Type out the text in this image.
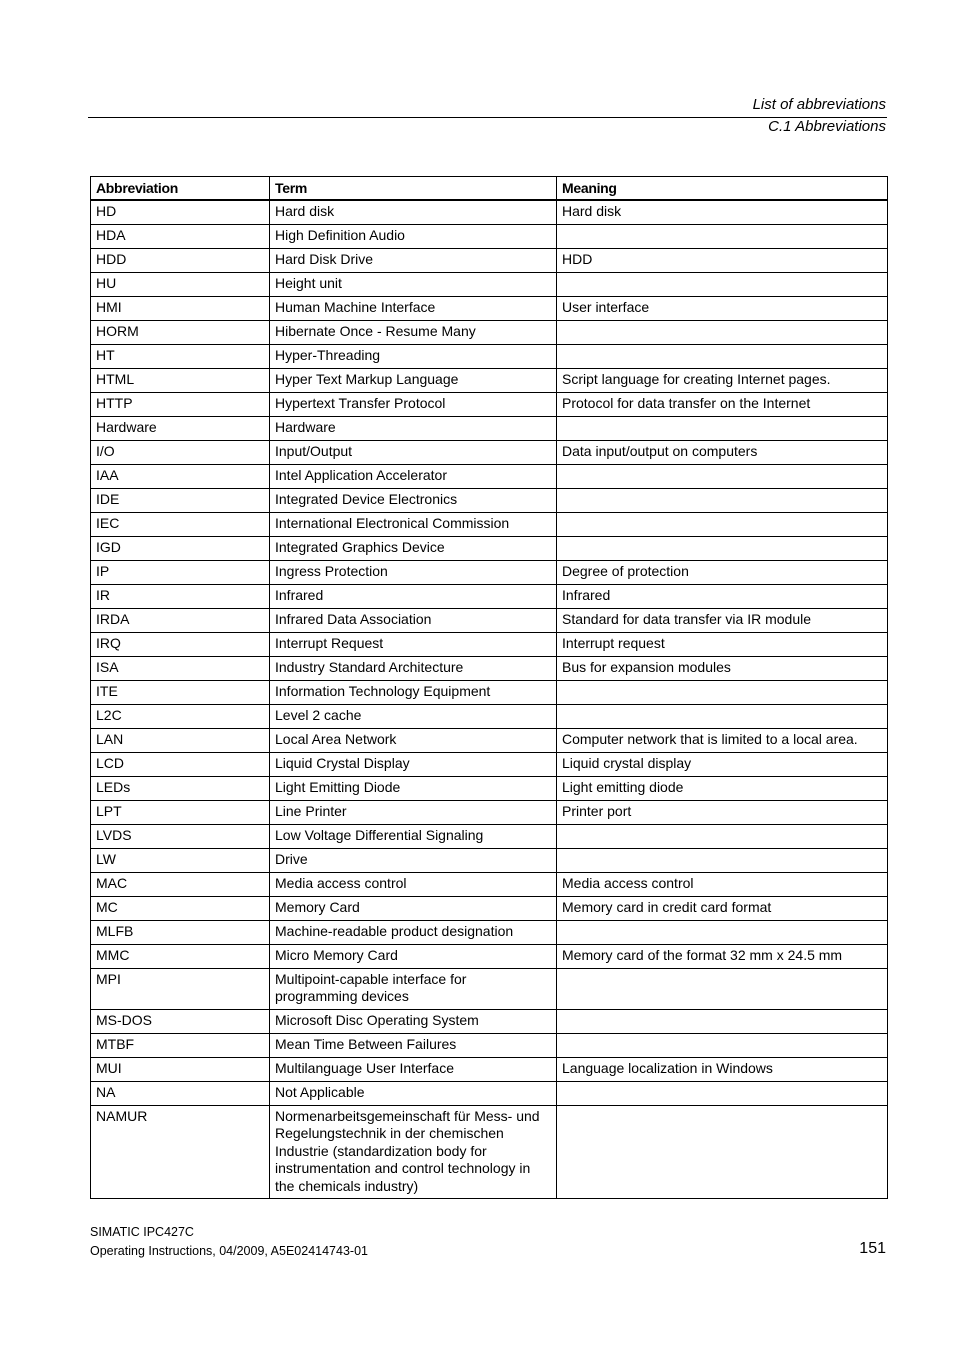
List of abbreviations
C.1 Abbreviations
Abbreviation	Term	Meaning
HD	Hard disk	Hard disk
HDA	High Definition Audio	
HDD	Hard Disk Drive	HDD
HU	Height unit	
HMI	Human Machine Interface	User interface
HORM	Hibernate Once - Resume Many	
HT	Hyper-Threading	
HTML	Hyper Text Markup Language	Script language for creating Internet pages.
HTTP	Hypertext Transfer Protocol	Protocol for data transfer on the Internet
Hardware	Hardware	
I/O	Input/Output	Data input/output on computers
IAA	Intel Application Accelerator	
IDE	Integrated Device Electronics	
IEC	International Electronical Commission	
IGD	Integrated Graphics Device	
IP	Ingress Protection	Degree of protection
IR	Infrared	Infrared
IRDA	Infrared Data Association	Standard for data transfer via IR module
IRQ	Interrupt Request	Interrupt request
ISA	Industry Standard Architecture	Bus for expansion modules
ITE	Information Technology Equipment	
L2C	Level 2 cache	
LAN	Local Area Network	Computer network that is limited to a local area.
LCD	Liquid Crystal Display	Liquid crystal display
LEDs	Light Emitting Diode	Light emitting diode
LPT	Line Printer	Printer port
LVDS	Low Voltage Differential Signaling	
LW	Drive	
MAC	Media access control	Media access control
MC	Memory Card	Memory card in credit card format
MLFB	Machine-readable product designation	
MMC	Micro Memory Card	Memory card of the format 32 mm x 24.5 mm
MPI	Multipoint-capable interface for programming devices	
MS-DOS	Microsoft Disc Operating System	
MTBF	Mean Time Between Failures	
MUI	Multilanguage User Interface	Language localization in Windows
NA	Not Applicable	
NAMUR	Normenarbeitsgemeinschaft für Mess- und Regelungstechnik in der chemischen Industrie (standardization body for instrumentation and control technology in the chemicals industry)	
SIMATIC IPC427C
Operating Instructions, 04/2009, A5E02414743-01	151
